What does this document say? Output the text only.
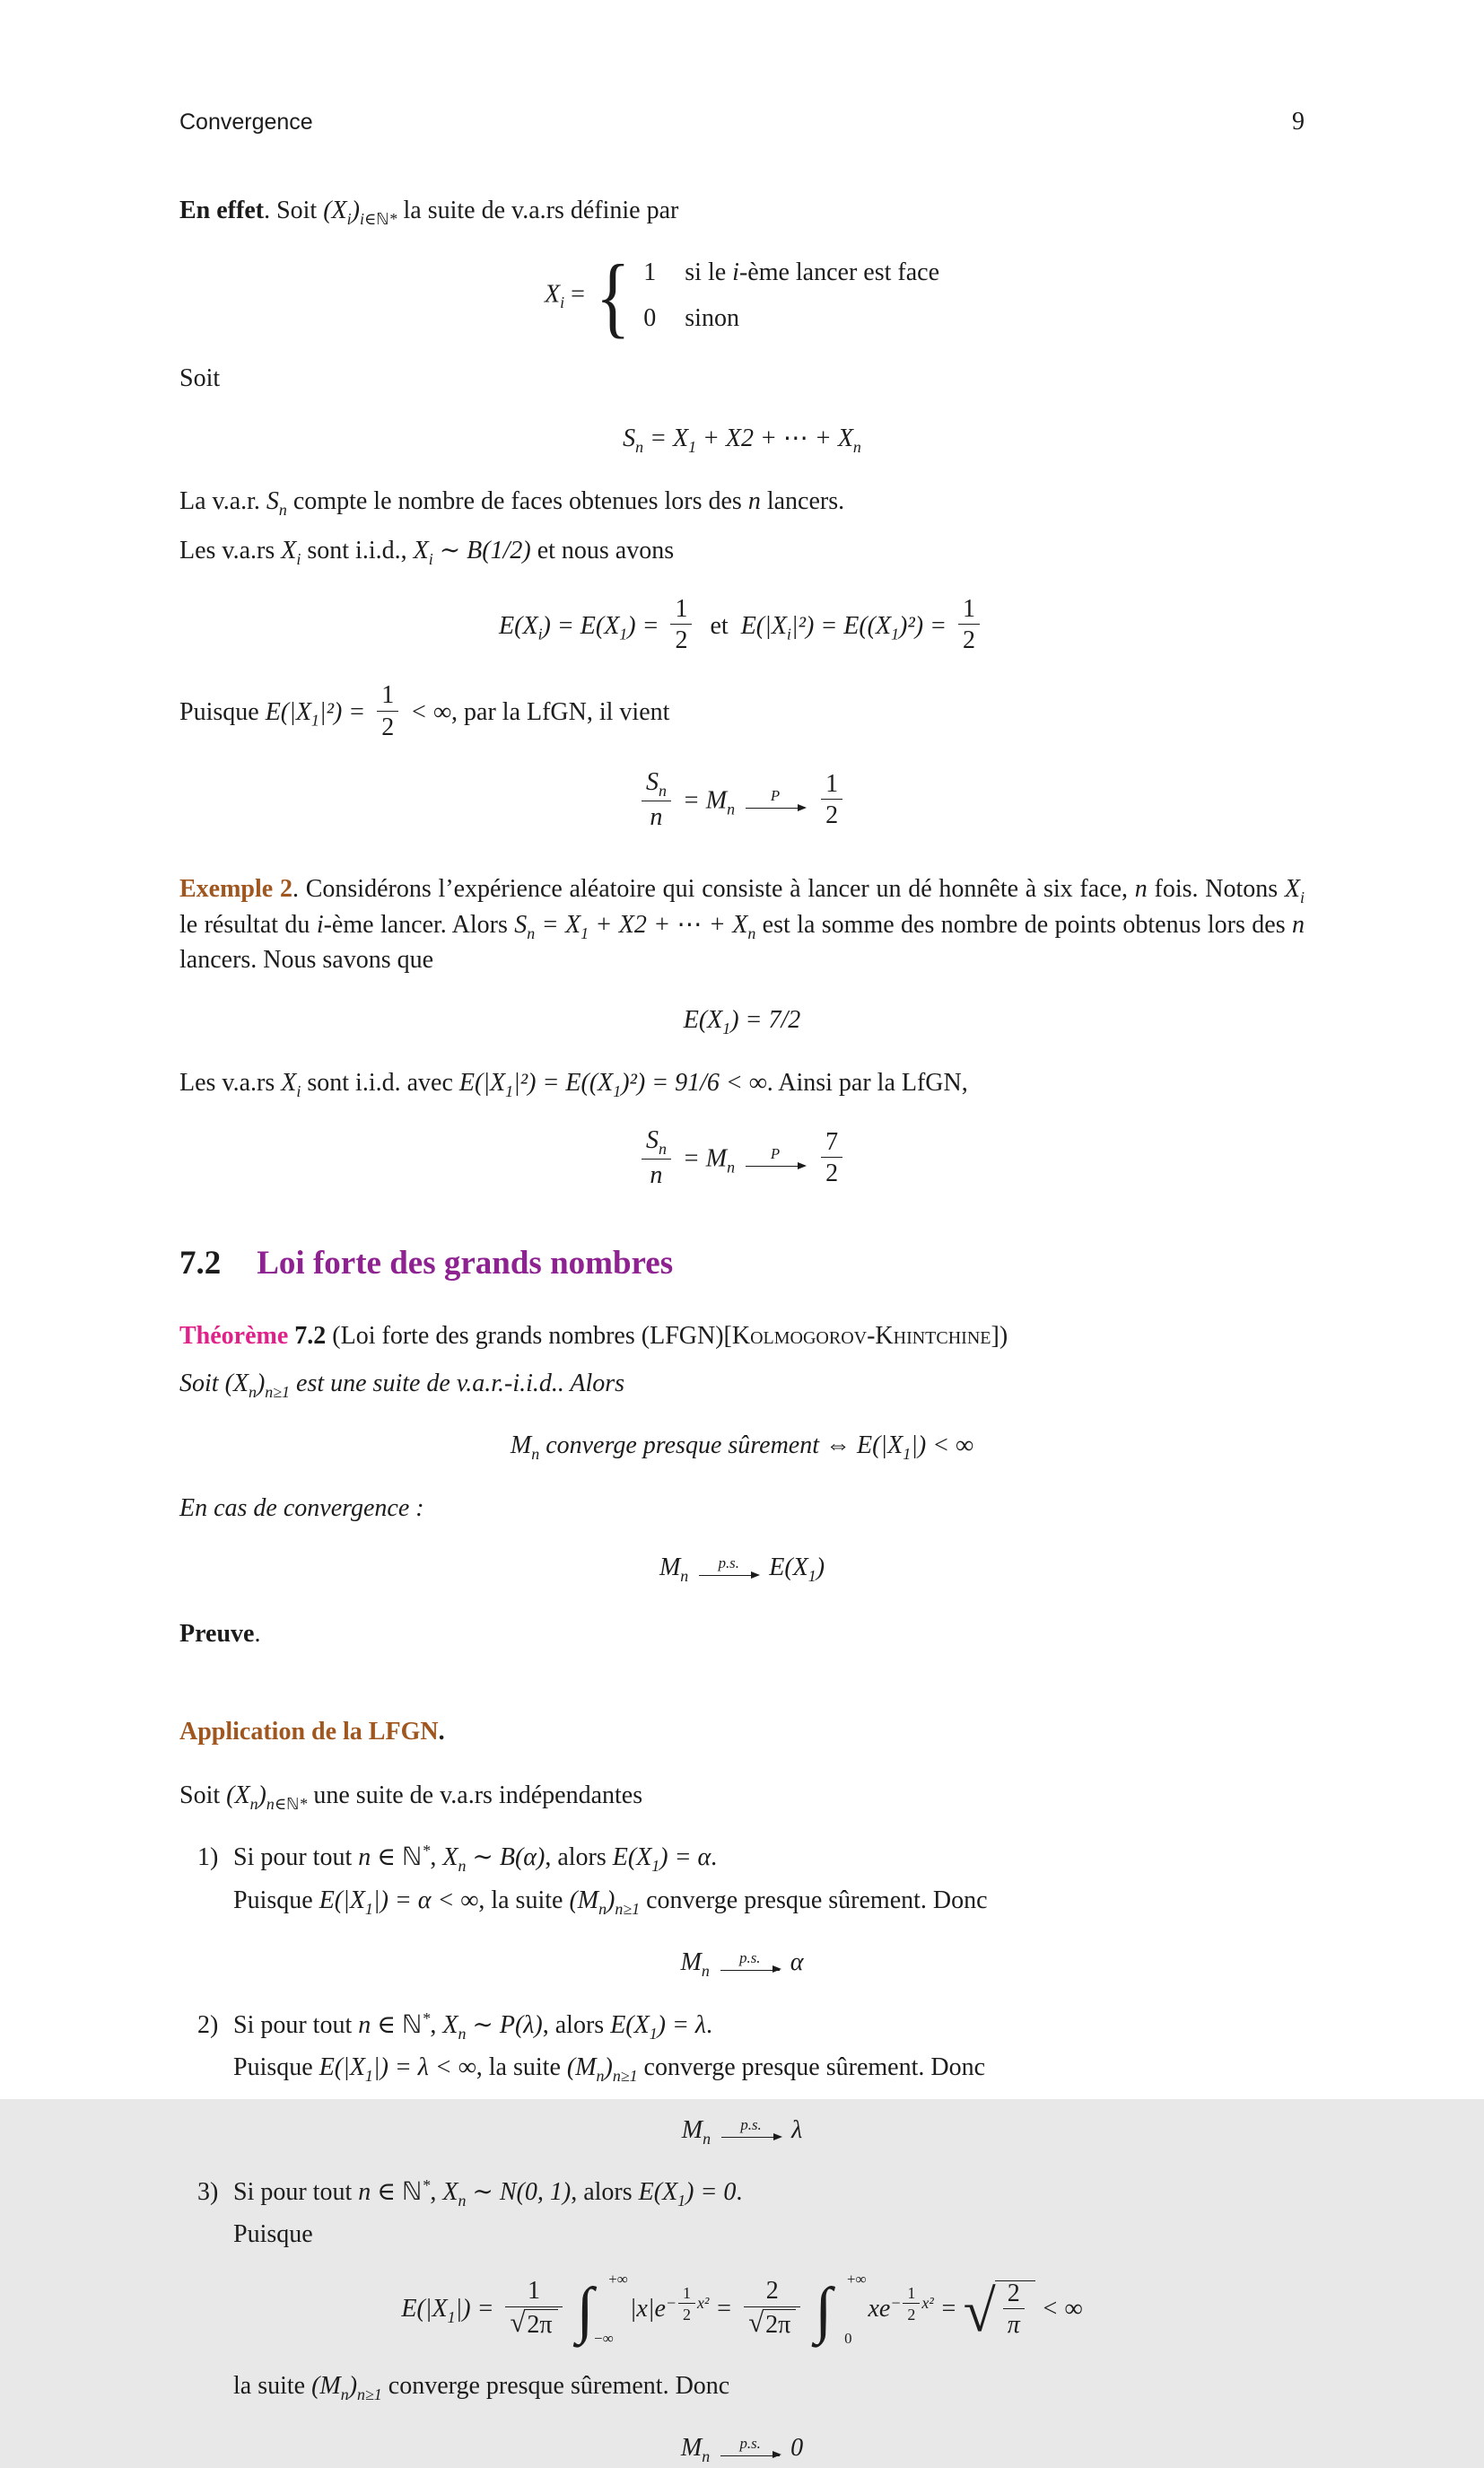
Convergence	9
En effet. Soit $(X_i)_{i\in ℕ*}$ la suite de v.a.rs définie par
$X_i$ = { 1 si le i-ème lancer est face
0 sinon
Soit
$S_n = X_1 + X2$ + ⋯ + $X_n$
La v.a.r. $S_n$ compte le nombre de faces obtenues lors des n lancers.
Les v.a.rs $X_i$ sont i.i.d., $X_i$ ∼ B(1/2) et nous avons
$E(X_i) = E(X_1) = \frac{1}{2}$ et  $E(|X_i|^2) = E((X_1)^2) = \frac{1}{2}$
Puisque $E(|X_1|^2) = \frac{1}{2}$ < ∞, par la LfGN, il vient
$\frac{S_n}{n} = M_n$
P $\frac{1}{2}$
Exemple 2. Considérons l’expérience aléatoire qui consiste à lancer un dé honnête à six face, n fois. Notons $X_i$ le résultat du i-ème lancer. Alors $S_n = X_1 + X2$ + ⋯ + $X_n$ est la somme des nombre de points obtenus lors des n lancers. Nous savons que
$E(X_1) = 7/2$
Les v.a.rs $X_i$ sont i.i.d. avec $E(|X_1|^2) = E((X_1)^2) = 91/6$ < ∞. Ainsi par la LfGN,
$\frac{S_n}{n} = M_n$
P $\frac{7}{2}$
7.2 Loi forte des grands nombres
Théorème 7.2 (Loi forte des grands nombres (LFGN)[Kolmogorov-Khintchine])
Soit $(X_n)_{n\ge 1}$ est une suite de v.a.r.-i.i.d.. Alors
$M_n$ converge presque sûrement ⇔ $E(|X_1|)$ < ∞
En cas de convergence :
$M_n$
p.s. $E(X_1)$
Preuve.
Application de la LFGN.
Soit $(X_n)_{n\in ℕ*}$ une suite de v.a.rs indépendantes
1) Si pour tout n ∈ ℕ*, $X_n$ ∼ B(α), alors $E(X_1) = \alpha$.
Puisque $E(|X_1|) = \alpha$ < ∞, la suite $(M_n)_{n\ge 1}$ converge presque sûrement. Donc
$M_n$
p.s. α
2) Si pour tout n ∈ ℕ*, $X_n$ ∼ P(λ), alors $E(X_1) = \lambda$.
Puisque $E(|X_1|) = \lambda$ < ∞, la suite $(M_n)_{n\ge 1}$ converge presque sûrement. Donc
$M_n$
p.s. λ
3) Si pour tout n ∈ ℕ*, $X_n$ ∼ N(0, 1), alors $E(X_1) = 0$.
Puisque
$E(|X_1|) = \frac{1}{√ 2\pi}$ ∫ +∞
−∞
$|x|e - \frac{1}{2} x^2 = \frac{2}{√ 2\pi}$ ∫ +∞
0
xe − $\frac{1}{2} x^2$ = √ $\frac{2}{\pi}$ < ∞
la suite $(M_n)_{n\ge 1}$ converge presque sûrement. Donc
$M_n$
p.s. 0
